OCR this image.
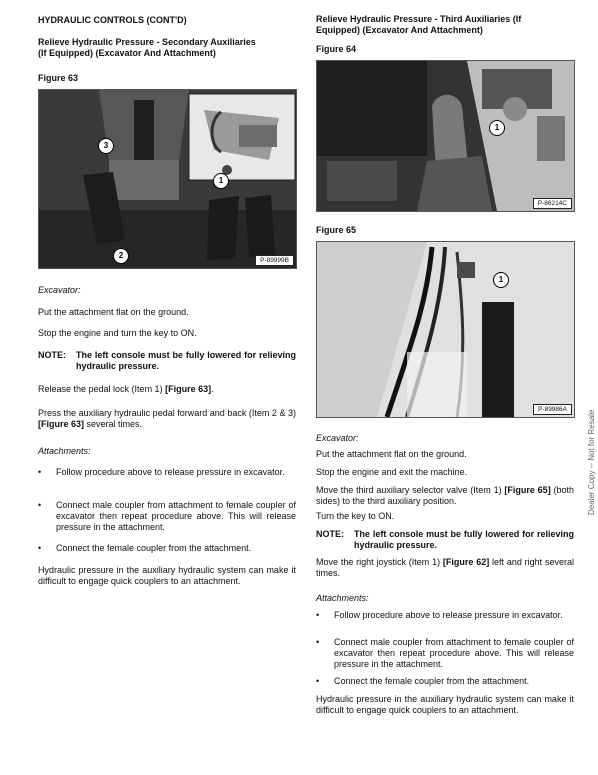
HYDRAULIC CONTROLS (CONT'D)
Relieve Hydraulic Pressure - Secondary Auxiliaries
(If Equipped) (Excavator And Attachment)
Figure 63
3
2
1
P-89999B
Excavator:
Put the attachment flat on the ground.
Stop the engine and turn the key to ON.
NOTE:	The left console must be fully lowered for relieving hydraulic pressure.
Release the pedal lock (Item 1) [Figure 63].
Press the auxiliary hydraulic pedal forward and back (Item 2 & 3) [Figure 63] several times.
Attachments:
•	Follow procedure above to release pressure in excavator.
•	Connect male coupler from attachment to female coupler of excavator then repeat procedure above. This will release pressure in the attachment.
•	Connect the female coupler from the attachment.
Hydraulic pressure in the auxiliary hydraulic system can make it difficult to engage quick couplers to an attachment.
Relieve Hydraulic Pressure - Third Auxiliaries (If
Equipped) (Excavator And Attachment)
Figure 64
1
P-86214C
Figure 65
1
P-89986A
Excavator:
Put the attachment flat on the ground.
Stop the engine and exit the machine.
Move the third auxiliary selector valve (Item 1) [Figure 65] (both sides) to the third auxiliary position.
Turn the key to ON.
NOTE:	The left console must be fully lowered for relieving hydraulic pressure.
Move the right joystick (Item 1) [Figure 62] left and right several times.
Attachments:
•	Follow procedure above to release pressure in excavator.
•	Connect male coupler from attachment to female coupler of excavator then repeat procedure above. This will release pressure in the attachment.
•	Connect the female coupler from the attachment.
Hydraulic pressure in the auxiliary hydraulic system can make it difficult to engage quick couplers to an attachment.
Dealer Copy -- Not for Resale
